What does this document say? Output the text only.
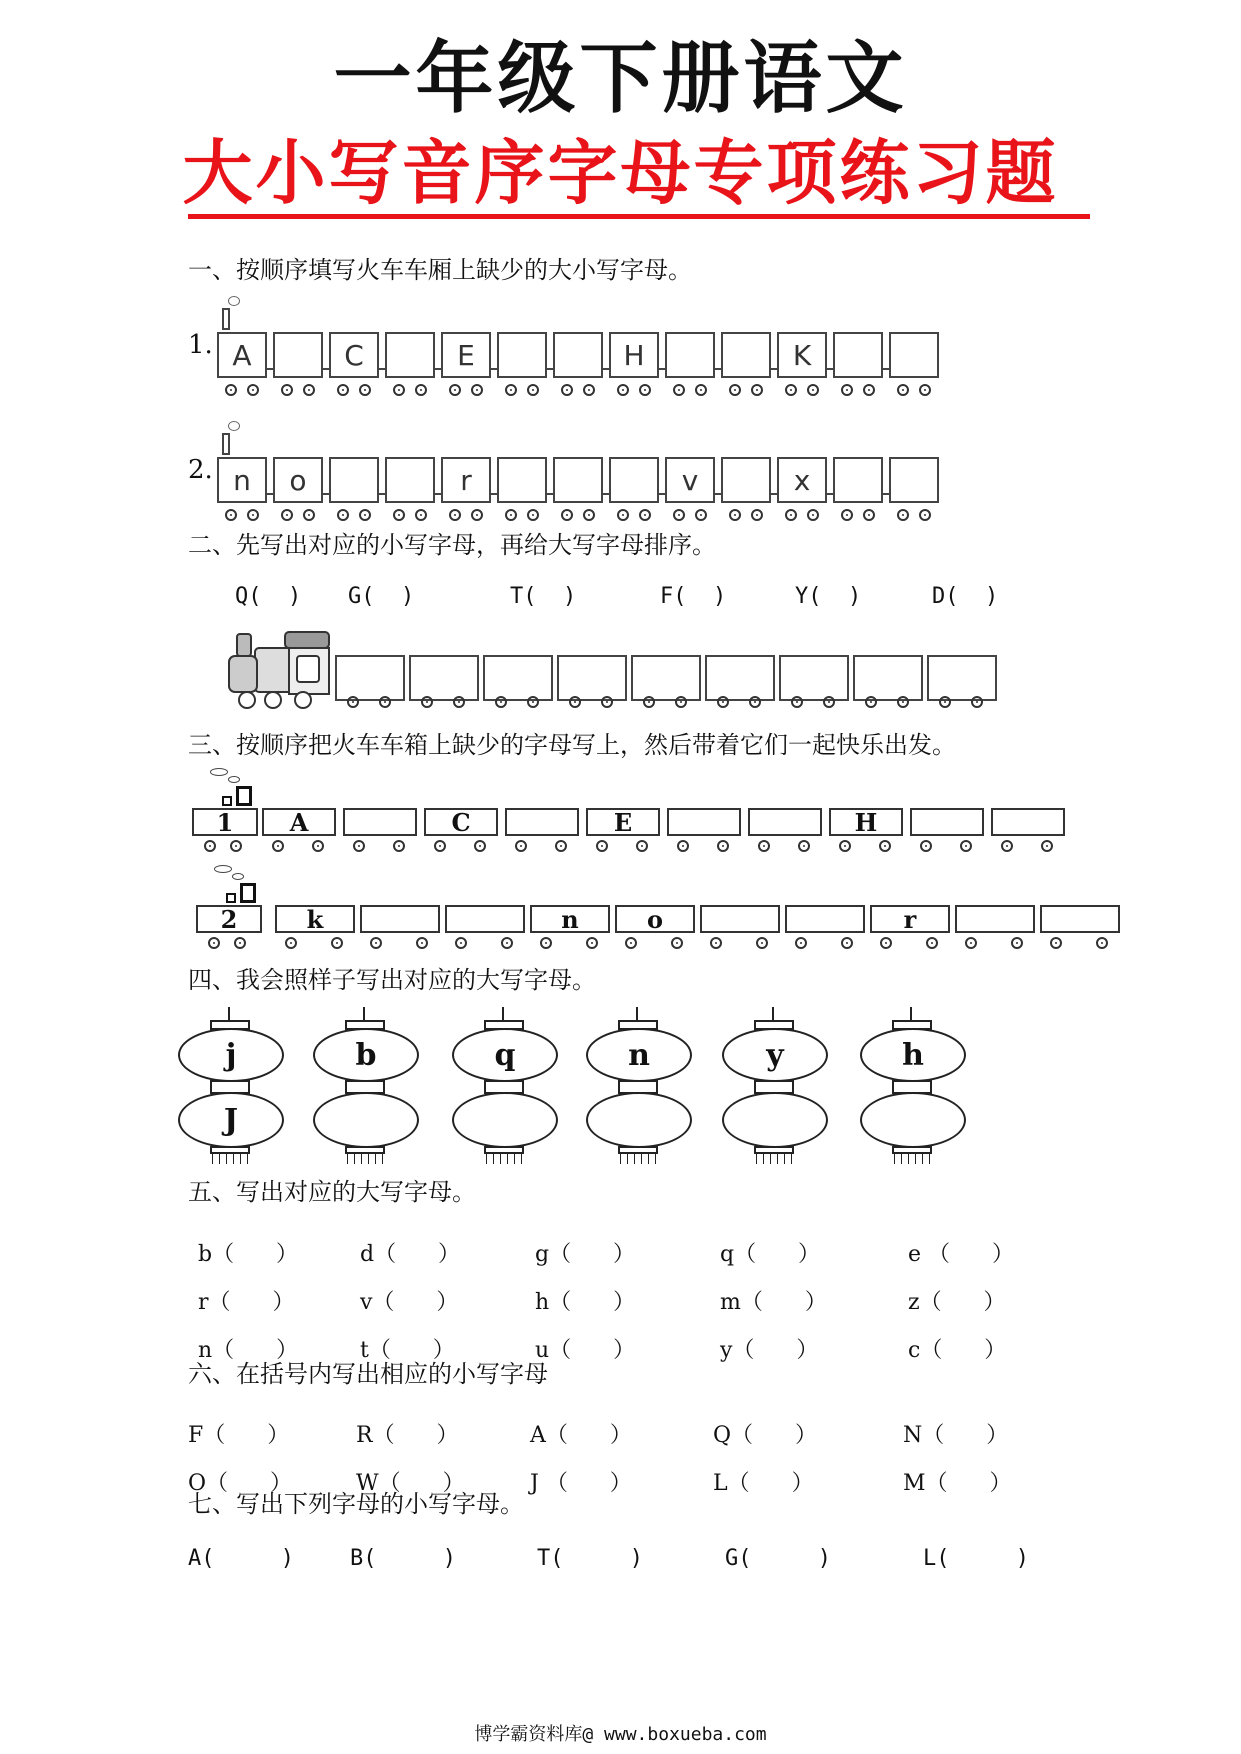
一年级下册语文
大小写音序字母专项练习题
一、按顺序填写火车车厢上缺少的大小写字母。
1. A	C	E	H	K
2. n	o	r	v	x
二、先写出对应的小写字母，再给大写字母排序。
Q(  ) G(  )	T(  )	F(  )	Y(  )	D(  )
三、按顺序把火车车箱上缺少的字母写上，然后带着它们一起快乐出发。
1	A	C	E	H
2	k	n	o	r
四、我会照样子写出对应的大写字母。
j
J
b	q	n	y	h
五、写出对应的大写字母。
b（      ）	d（      ）	g（      ）	q（      ）	e （      ）
r（      ）	v（      ）	h（      ）	m（      ）	z（      ）
n（      ）	t（      ）	u（      ）	y（      ）	c（      ）
六、在括号内写出相应的小写字母
F（      ）	R（      ）	A（      ）	Q（      ）	N（      ）
O（      ）	W（      ）	J （      ）	L（      ）	M（      ）
七、写出下列字母的小写字母。
A(     )	B(     )	T(     )	G(     )	L(     )
博学霸资料库@ www.boxueba.com
